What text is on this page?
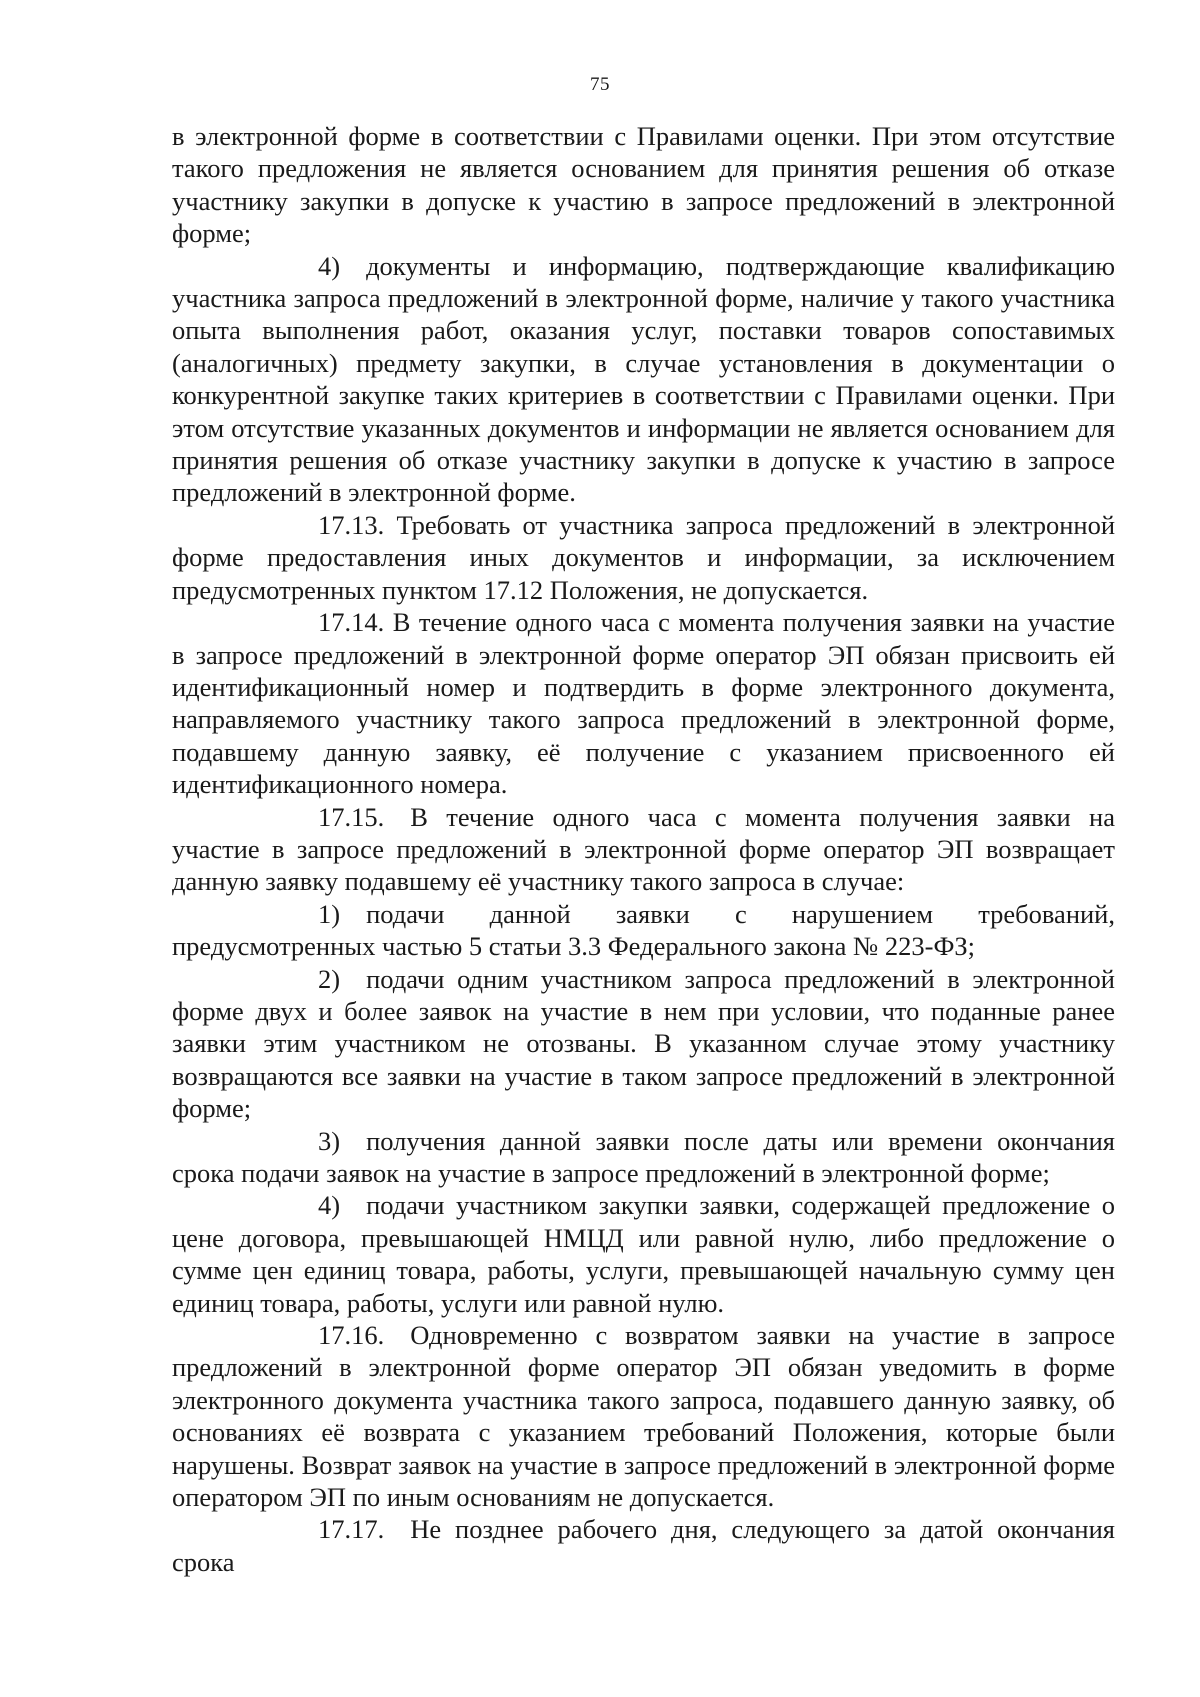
75

в электронной форме в соответствии с Правилами оценки. При этом отсутствие такого предложения не является основанием для принятия решения об отказе участнику закупки в допуске к участию в запросе предложений в электронной форме;

4) документы и информацию, подтверждающие квалификацию участника запроса предложений в электронной форме, наличие у такого участника опыта выполнения работ, оказания услуг, поставки товаров сопоставимых (аналогичных) предмету закупки, в случае установления в документации о конкурентной закупке таких критериев в соответствии с Правилами оценки. При этом отсутствие указанных документов и информации не является основанием для принятия решения об отказе участнику закупки в допуске к участию в запросе предложений в электронной форме.

17.13. Требовать от участника запроса предложений в электронной форме предоставления иных документов и информации, за исключением предусмотренных пунктом 17.12 Положения, не допускается.

17.14. В течение одного часа с момента получения заявки на участие в запросе предложений в электронной форме оператор ЭП обязан присвоить ей идентификационный номер и подтвердить в форме электронного документа, направляемого участнику такого запроса предложений в электронной форме, подавшему данную заявку, её получение с указанием присвоенного ей идентификационного номера.

17.15. В течение одного часа с момента получения заявки на участие в запросе предложений в электронной форме оператор ЭП возвращает данную заявку подавшему её участнику такого запроса в случае:

1) подачи данной заявки с нарушением требований, предусмотренных частью 5 статьи 3.3 Федерального закона № 223-ФЗ;

2) подачи одним участником запроса предложений в электронной форме двух и более заявок на участие в нем при условии, что поданные ранее заявки этим участником не отозваны. В указанном случае этому участнику возвращаются все заявки на участие в таком запросе предложений в электронной форме;

3) получения данной заявки после даты или времени окончания срока подачи заявок на участие в запросе предложений в электронной форме;

4) подачи участником закупки заявки, содержащей предложение о цене договора, превышающей НМЦД или равной нулю, либо предложение о сумме цен единиц товара, работы, услуги, превышающей начальную сумму цен единиц товара, работы, услуги или равной нулю.

17.16. Одновременно с возвратом заявки на участие в запросе предложений в электронной форме оператор ЭП обязан уведомить в форме электронного документа участника такого запроса, подавшего данную заявку, об основаниях её возврата с указанием требований Положения, которые были нарушены. Возврат заявок на участие в запросе предложений в электронной форме оператором ЭП по иным основаниям не допускается.

17.17. Не позднее рабочего дня, следующего за датой окончания срока
